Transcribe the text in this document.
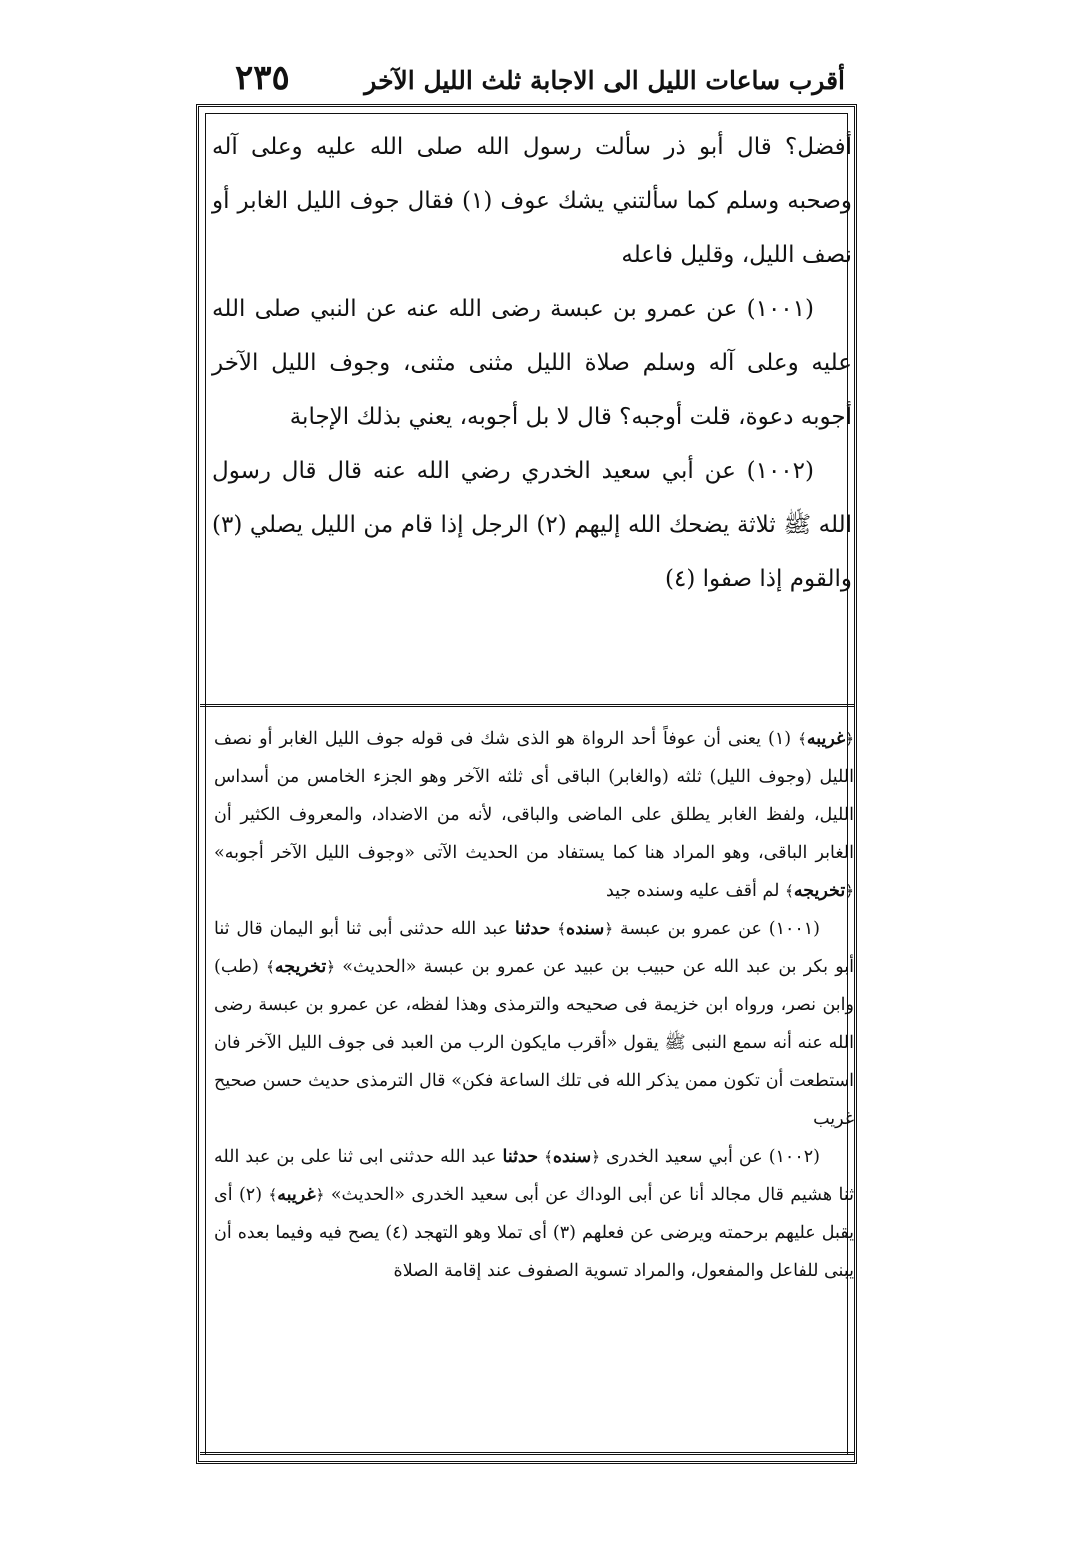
أقرب ساعات الليل الى الاجابة ثلث الليل الآخر
٢٣٥

أفضل؟ قال أبو ذر سألت رسول الله صلى الله عليه وعلى آله وصحبه وسلم كما سألتني يشك عوف (١) فقال جوف الليل الغابر أو نصف الليل، وقليل فاعله

(١٠٠١) عن عمرو بن عبسة رضى الله عنه عن النبي صلى الله عليه وعلى آله وسلم صلاة الليل مثنى مثنى، وجوف الليل الآخر أجوبه دعوة، قلت أوجبه؟ قال لا بل أجوبه، يعني بذلك الإجابة

(١٠٠٢) عن أبي سعيد الخدري رضي الله عنه قال قال رسول الله ﷺ ثلاثة يضحك الله إليهم (٢) الرجل إذا قام من الليل يصلي (٣) والقوم إذا صفوا (٤)

﴿غريبه﴾ (١) يعنى أن عوفاً أحد الرواة هو الذى شك فى قوله جوف الليل الغابر أو نصف الليل (وجوف الليل) ثلثه (والغابر) الباقى أى ثلثه الآخر وهو الجزء الخامس من أسداس الليل، ولفظ الغابر يطلق على الماضى والباقى، لأنه من الاضداد، والمعروف الكثير أن الغابر الباقى، وهو المراد هنا كما يستفاد من الحديث الآتى «وجوف الليل الآخر أجوبه» ﴿تخريجه﴾ لم أقف عليه وسنده جيد

(١٠٠١) عن عمرو بن عبسة ﴿سنده﴾ حدثنا عبد الله حدثنى أبى ثنا أبو اليمان قال ثنا أبو بكر بن عبد الله عن حبيب بن عبيد عن عمرو بن عبسة «الحديث» ﴿تخريجه﴾ (طب) وابن نصر، ورواه ابن خزيمة فى صحيحه والترمذى وهذا لفظه، عن عمرو بن عبسة رضى الله عنه أنه سمع النبى ﷺ يقول «أقرب مايكون الرب من العبد فى جوف الليل الآخر فان استطعت أن تكون ممن يذكر الله فى تلك الساعة فكن» قال الترمذى حديث حسن صحيح غريب

(١٠٠٢) عن أبي سعيد الخدرى ﴿سنده﴾ حدثنا عبد الله حدثنى ابى ثنا على بن عبد الله ثنا هشيم قال مجالد أنا عن أبى الوداك عن أبى سعيد الخدرى «الحديث» ﴿غريبه﴾ (٢) أى يقبل عليهم برحمته ويرضى عن فعلهم (٣) أى تملا وهو التهجد (٤) يصح فيه وفيما بعده أن يبنى للفاعل والمفعول، والمراد تسوية الصفوف عند إقامة الصلاة
